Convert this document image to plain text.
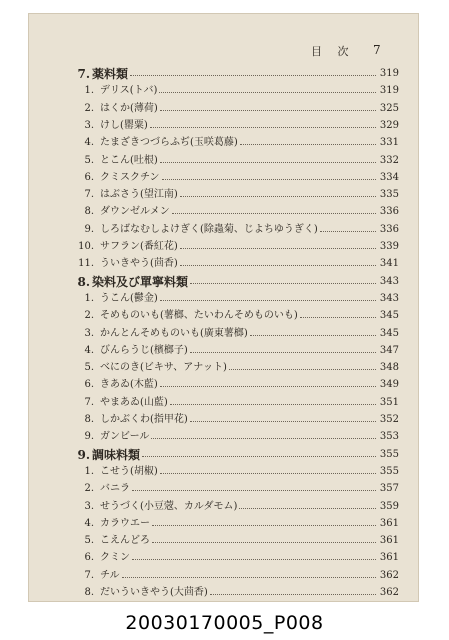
目 次 7
7. 薬料類	319
1. デリス(トバ)	319
2. はくか(薄荷)	325
3. けし(罌粟)	329
4. たまざきつづらふぢ(玉咲葛藤)	331
5. とこん(吐根)	332
6. クミスクチン	334
7. はぶさう(望江南)	335
8. ダウンゼルメン	336
9. しろばなむしよけぎく(除蟲菊、じよちゆうぎく)	336
10. サフラン(番紅花)	339
11. ういきやう(茴香)	341
8. 染料及び單寧料類	343
1. うこん(鬱金)	343
2. そめものいも(薯榔、たいわんそめものいも)	345
3. かんとんそめものいも(廣東薯榔)	345
4. びんらうじ(檳榔子)	347
5. べにのき(ビキサ、アナット)	348
6. きあゐ(木藍)	349
7. やまあゐ(山藍)	351
8. しかぶくわ(指甲花)	352
9. ガンビール	353
9. 調味料類	355
1. こせう(胡椒)	355
2. バニラ	357
3. せうづく(小豆蔲、カルダモム)	359
4. カラウエー	361
5. こえんどろ	361
6. クミン	361
7. チル	362
8. だいういきやう(大茴香)	362
20030170005_P008
